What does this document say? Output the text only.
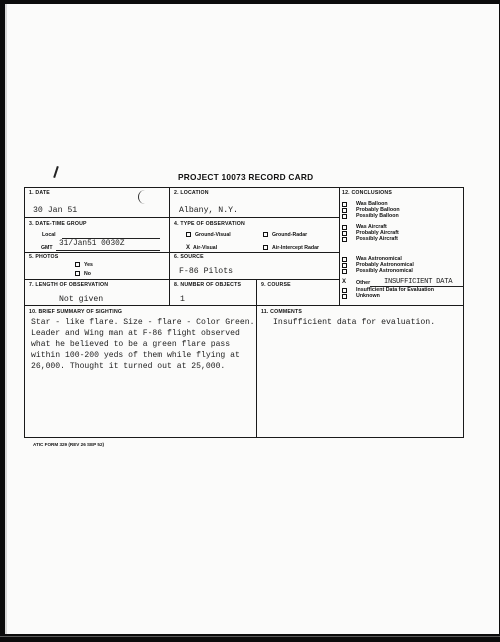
PROJECT 10073 RECORD CARD
1. DATE
30 Jan 51
2. LOCATION
Albany, N.Y.
3. DATE-TIME GROUP
Local
GMT 31/Jan51 0030Z
4. TYPE OF OBSERVATION
Ground-Visual	Ground-Radar
X Air-Visual	Air-Intercept Radar
5. PHOTOS
Yes
No
6. SOURCE
F-86 Pilots
7. LENGTH OF OBSERVATION
Not given
8. NUMBER OF OBJECTS
1
9. COURSE
10. BRIEF SUMMARY OF SIGHTING
Star - like flare. Size - flare - Color Green.
Leader and Wing man at F-86 flight observed
what he believed to be a green flare pass
within 100-200 yeds of them while flying at
26,000. Thought it turned out at 25,000.
11. COMMENTS
Insufficient data for evaluation.
12. CONCLUSIONS
Was Balloon
Probably Balloon
Possibly Balloon
Was Aircraft
Probably Aircraft
Possibly Aircraft
Was Astronomical
Probably Astronomical
Possibly Astronomical
X Other
Insufficient Data for Evaluation
Unknown
INSUFFICIENT DATA
ATIC FORM 329 (REV 26 SEP 52)
